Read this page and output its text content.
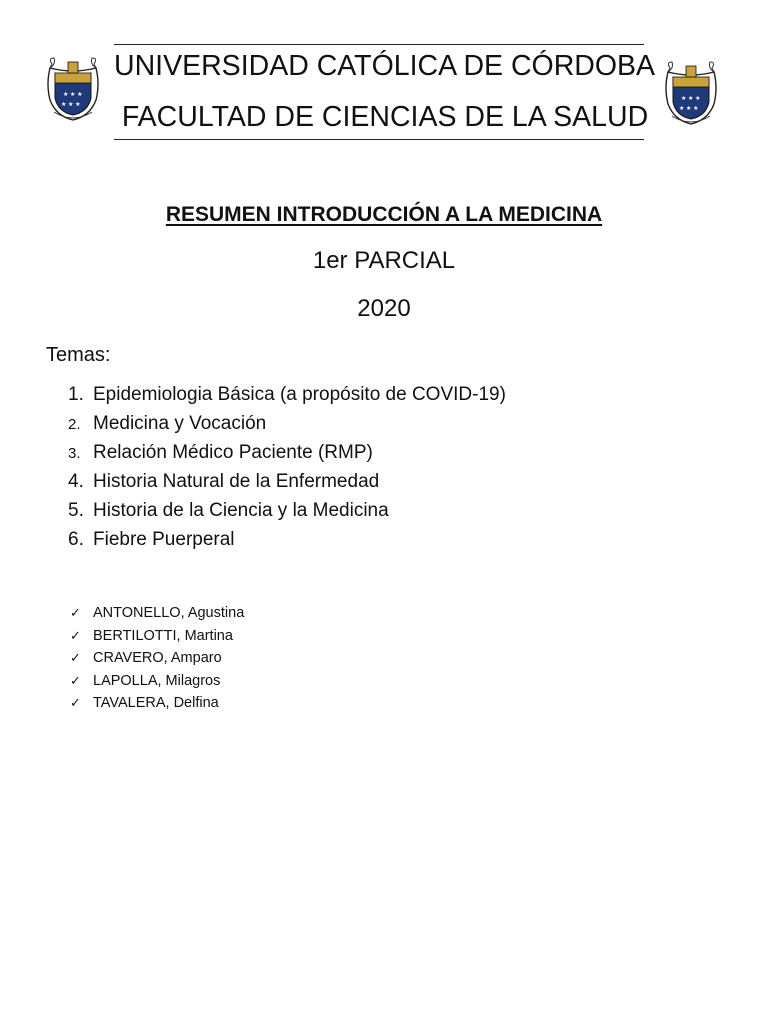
★ ★ ★
★ ★ ★
★ ★ ★
★ ★ ★
UNIVERSIDAD CATÓLICA DE CÓRDOBA
FACULTAD DE CIENCIAS DE LA SALUD
RESUMEN INTRODUCCIÓN A LA MEDICINA
1er PARCIAL
2020
Temas:
1. Epidemiologia Básica (a propósito de COVID-19)
2. Medicina y Vocación
3. Relación Médico Paciente (RMP)
4. Historia Natural de la Enfermedad
5. Historia de la Ciencia y la Medicina
6. Fiebre Puerperal
✓ ANTONELLO, Agustina
✓ BERTILOTTI, Martina
✓ CRAVERO, Amparo
✓ LAPOLLA, Milagros
✓ TAVALERA, Delfina
